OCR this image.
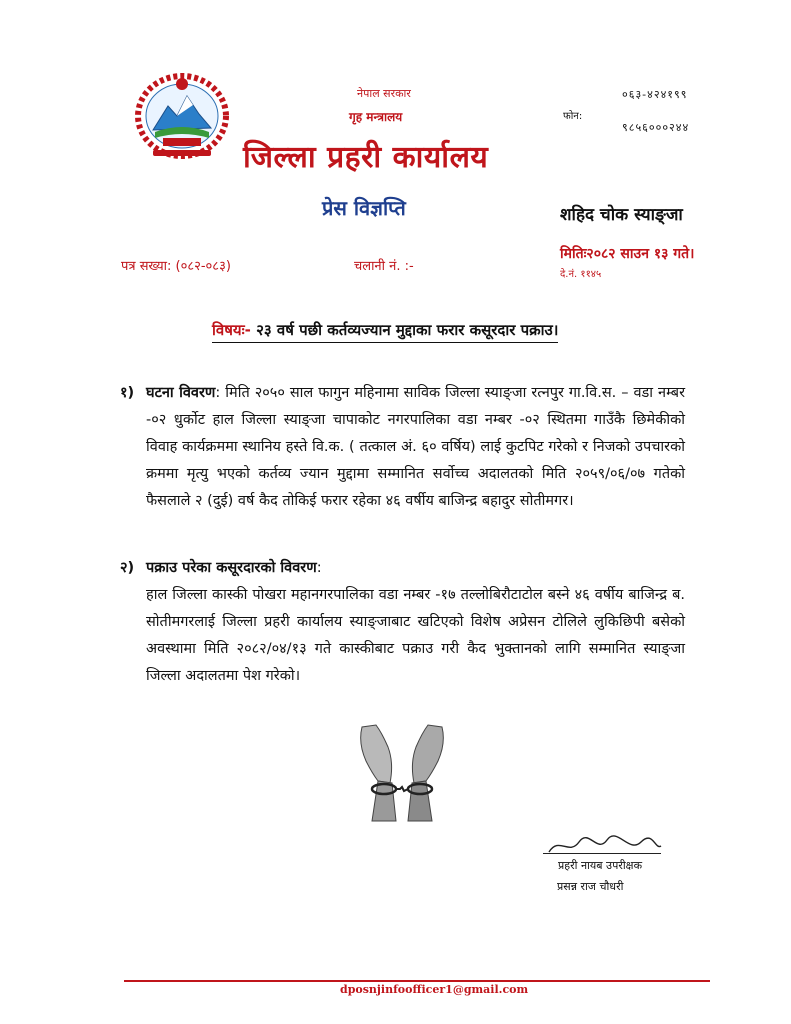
नेपाल सरकार
गृह मन्त्रालय
जिल्ला प्रहरी कार्यालय
फोन:
०६३-४२४१९९
९८५६०००२४४
प्रेस विज्ञप्ति	शहिद चोक स्याङ्जा
पत्र सख्या: (०८२-०८३)	चलानी नं. :-
मितिः२०८२ साउन १३ गते।
दे.नं. ११४५
विषयः- २३ वर्ष पछी कर्तव्यज्यान मुद्दाका फरार कसूरदार पक्राउ।
१) घटना विवरण: मिति २०५० साल फागुन महिनामा साविक जिल्ला स्याङ्जा रत्नपुर गा.वि.स. – वडा नम्बर -०२ धुर्कोट हाल जिल्ला स्याङ्जा चापाकोट नगरपालिका वडा नम्बर -०२ स्थितमा गाउँकै छिमेकीको विवाह कार्यक्रममा स्थानिय हस्ते वि.क. ( तत्काल अं. ६० वर्षिय) लाई कुटपिट गरेको र निजको उपचारको क्रममा मृत्यु भएको कर्तव्य ज्यान मुद्दामा सम्मानित सर्वोच्च अदालतको मिति २०५९/०६/०७ गतेको फैसलाले २ (दुई) वर्ष कैद तोकिई फरार रहेका ४६ वर्षीय बाजिन्द्र बहादुर सोतीमगर।
२) पक्राउ परेका कसूरदारको विवरण:
हाल जिल्ला कास्की पोखरा महानगरपालिका वडा नम्बर -१७ तल्लोबिरौटाटोल बस्ने ४६ वर्षीय बाजिन्द्र ब. सोतीमगरलाई जिल्ला प्रहरी कार्यालय स्याङ्जाबाट खटिएको विशेष अप्रेसन टोलिले लुकिछिपी बसेको अवस्थामा मिति २०८२/०४/१३ गते कास्कीबाट पक्राउ गरी कैद भुक्तानको लागि सम्मानित स्याङ्जा जिल्ला अदालतमा पेश गरेको।
प्रहरी नायब उपरीक्षक
प्रसन्न राज चौधरी
dposnjinfoofficer1@gmail.com
